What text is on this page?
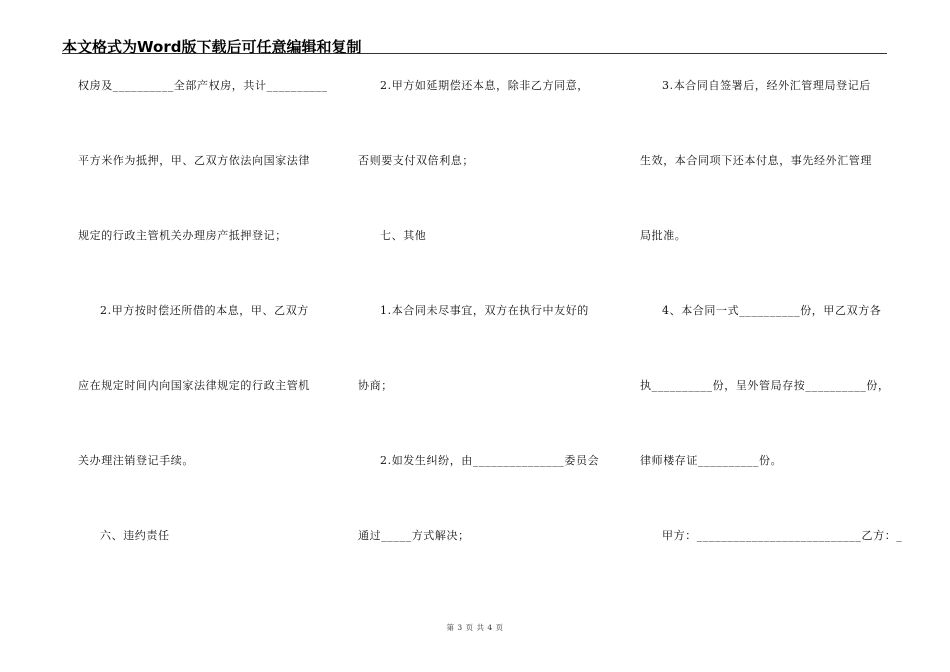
本文格式为Word版下载后可任意编辑和复制
权房及__________全部产权房，共计__________
平方米作为抵押，甲、乙双方依法向国家法律
规定的行政主管机关办理房产抵押登记；
2.甲方按时偿还所借的本息，甲、乙双方
应在规定时间内向国家法律规定的行政主管机
关办理注销登记手续。
六、违约责任
2.甲方如延期偿还本息，除非乙方同意，
否则要支付双倍利息；
七、其他
1.本合同未尽事宜，双方在执行中友好的
协商；
2.如发生纠纷，由_______________委员会
通过_____方式解决；
3.本合同自签署后，经外汇管理局登记后
生效，本合同项下还本付息，事先经外汇管理
局批准。
4、本合同一式__________份，甲乙双方各
执__________份，呈外管局存按__________份，
律师楼存证__________份。
甲方：___________________________乙方：_
第 3 页 共 4 页
